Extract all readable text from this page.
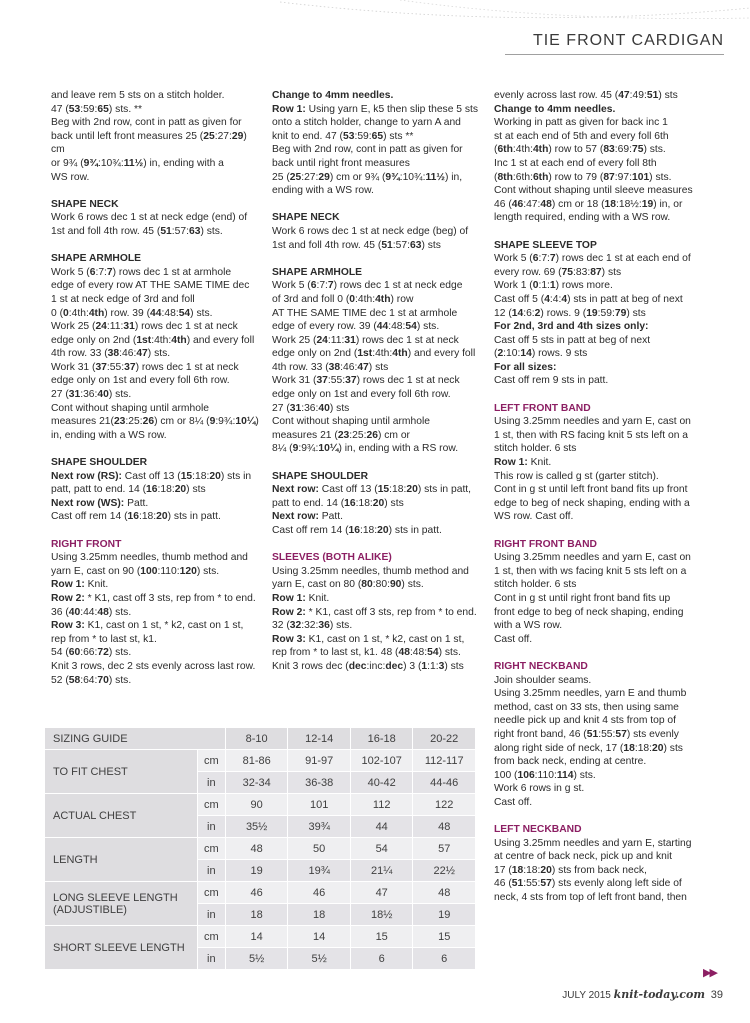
TIE FRONT CARDIGAN

and leave rem 5 sts on a stitch holder.

47 (53:59:65) sts. **

Beg with 2nd row, cont in patt as given for

back until left front measures 25 (25:27:29) cm

or 9¾ (9¾:10¾:11½) in, ending with a

WS row.

SHAPE NECK

Work 6 rows dec 1 st at neck edge (end) of

1st and foll 4th row. 45 (51:57:63) sts.

SHAPE ARMHOLE

Work 5 (6:7:7) rows dec 1 st at armhole

edge of every row AT THE SAME TIME dec

1 st at neck edge of 3rd and foll

0 (0:4th:4th) row. 39 (44:48:54) sts.

Work 25 (24:11:31) rows dec 1 st at neck

edge only on 2nd (1st:4th:4th) and every foll

4th row. 33 (38:46:47) sts.

Work 31 (37:55:37) rows dec 1 st at neck

edge only on 1st and every foll 6th row.

27 (31:36:40) sts.

Cont without shaping until armhole

measures 21(23:25:26) cm or 8¼ (9:9¾:10¼)

in, ending with a WS row.

SHAPE SHOULDER

Next row (RS): Cast off 13 (15:18:20) sts in

patt, patt to end. 14 (16:18:20) sts

Next row (WS): Patt.

Cast off rem 14 (16:18:20) sts in patt.

RIGHT FRONT

Using 3.25mm needles, thumb method and

yarn E, cast on 90 (100:110:120) sts.

Row 1: Knit.

Row 2: * K1, cast off 3 sts, rep from * to end.

36 (40:44:48) sts.

Row 3: K1, cast on 1 st, * k2, cast on 1 st,

rep from * to last st, k1.

54 (60:66:72) sts.

Knit 3 rows, dec 2 sts evenly across last row.

52 (58:64:70) sts.

Change to 4mm needles.

Row 1: Using yarn E, k5 then slip these 5 sts

onto a stitch holder, change to yarn A and

knit to end. 47 (53:59:65) sts **

Beg with 2nd row, cont in patt as given for

back until right front measures

25 (25:27:29) cm or 9¾ (9¾:10¾:11½) in,

ending with a WS row.

SHAPE NECK

Work 6 rows dec 1 st at neck edge (beg) of

1st and foll 4th row. 45 (51:57:63) sts

SHAPE ARMHOLE

Work 5 (6:7:7) rows dec 1 st at neck edge

of 3rd and foll 0 (0:4th:4th) row

AT THE SAME TIME dec 1 st at armhole

edge of every row. 39 (44:48:54) sts.

Work 25 (24:11:31) rows dec 1 st at neck

edge only on 2nd (1st:4th:4th) and every foll

4th row. 33 (38:46:47) sts

Work 31 (37:55:37) rows dec 1 st at neck

edge only on 1st and every foll 6th row.

27 (31:36:40) sts

Cont without shaping until armhole

measures 21 (23:25:26) cm or

8¼ (9:9¾:10¼) in, ending with a RS row.

SHAPE SHOULDER

Next row: Cast off 13 (15:18:20) sts in patt,

patt to end. 14 (16:18:20) sts

Next row: Patt.

Cast off rem 14 (16:18:20) sts in patt.

SLEEVES (BOTH ALIKE)

Using 3.25mm needles, thumb method and

yarn E, cast on 80 (80:80:90) sts.

Row 1: Knit.

Row 2: * K1, cast off 3 sts, rep from * to end.

32 (32:32:36) sts.

Row 3: K1, cast on 1 st, * k2, cast on 1 st,

rep from * to last st, k1. 48 (48:48:54) sts.

Knit 3 rows dec (dec:inc:dec) 3 (1:1:3) sts

evenly across last row. 45 (47:49:51) sts

Change to 4mm needles.

Working in patt as given for back inc 1

st at each end of 5th and every foll 6th

(6th:4th:4th) row to 57 (83:69:75) sts.

Inc 1 st at each end of every foll 8th

(8th:6th:6th) row to 79 (87:97:101) sts.

Cont without shaping until sleeve measures

46 (46:47:48) cm or 18 (18:18½:19) in, or

length required, ending with a WS row.

SHAPE SLEEVE TOP

Work 5 (6:7:7) rows dec 1 st at each end of

every row. 69 (75:83:87) sts

Work 1 (0:1:1) rows more.

Cast off 5 (4:4:4) sts in patt at beg of next

12 (14:6:2) rows. 9 (19:59:79) sts

For 2nd, 3rd and 4th sizes only:

Cast off 5 sts in patt at beg of next

(2:10:14) rows. 9 sts

For all sizes:

Cast off rem 9 sts in patt.

LEFT FRONT BAND

Using 3.25mm needles and yarn E, cast on

1 st, then with RS facing knit 5 sts left on a

stitch holder. 6 sts

Row 1: Knit.

This row is called g st (garter stitch).

Cont in g st until left front band fits up front

edge to beg of neck shaping, ending with a

WS row. Cast off.

RIGHT FRONT BAND

Using 3.25mm needles and yarn E, cast on

1 st, then with ws facing knit 5 sts left on a

stitch holder. 6 sts

Cont in g st until right front band fits up

front edge to beg of neck shaping, ending

with a WS row.

Cast off.

RIGHT NECKBAND

Join shoulder seams.

Using 3.25mm needles, yarn E and thumb

method, cast on 33 sts, then using same

needle pick up and knit 4 sts from top of

right front band, 46 (51:55:57) sts evenly

along right side of neck, 17 (18:18:20) sts

from back neck, ending at centre.

100 (106:110:114) sts.

Work 6 rows in g st.

Cast off.

LEFT NECKBAND

Using 3.25mm needles and yarn E, starting

at centre of back neck, pick up and knit

17 (18:18:20) sts from back neck,

46 (51:55:57) sts evenly along left side of

neck, 4 sts from top of left front band, then

SIZING GUIDE		8-10	12-14	16-18	20-22
TO FIT CHEST	cm	81-86	91-97	102-107	112-117
	in	32-34	36-38	40-42	44-46
ACTUAL CHEST	cm	90	101	112	122
	in	35½	39¾	44	48
LENGTH	cm	48	50	54	57
	in	19	19¾	21¼	22½
LONG SLEEVE LENGTH (ADJUSTIBLE)	cm	46	46	47	48
	in	18	18	18½	19
SHORT SLEEVE LENGTH	cm	14	14	15	15
	in	5½	5½	6	6
▶▶
JULY 2015 knit-today.com 39
